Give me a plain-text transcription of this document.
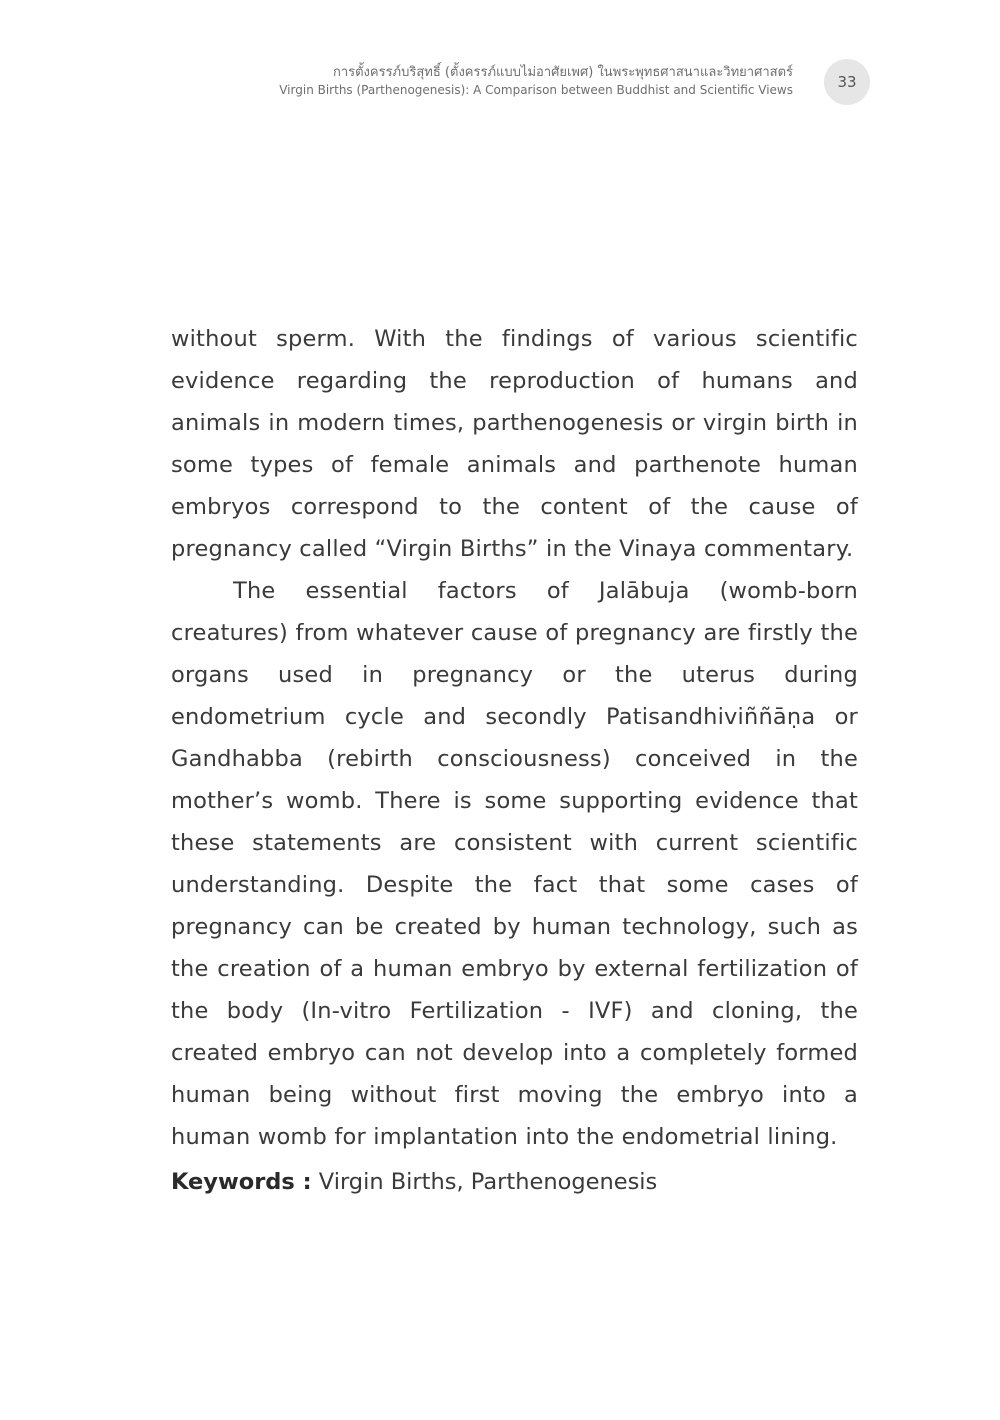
การตั้งครรภ์บริสุทธิ์ (ตั้งครรภ์แบบไม่อาศัยเพศ) ในพระพุทธศาสนาและวิทยาศาสตร์
Virgin Births (Parthenogenesis): A Comparison between Buddhist and Scientific Views	33

without sperm. With the findings of various scientific evidence regarding the reproduction of humans and animals in modern times, parthenogenesis or virgin birth in some types of female animals and parthenote human embryos correspond to the content of the cause of pregnancy called “Virgin Births” in the Vinaya commentary.

The essential factors of Jalābuja (womb-born creatures) from whatever cause of pregnancy are firstly the organs used in pregnancy or the uterus during endometrium cycle and secondly Patisandhiviññāṇa or Gandhabba (rebirth consciousness) conceived in the mother’s womb. There is some supporting evidence that these statements are consistent with current scientific understanding. Despite the fact that some cases of pregnancy can be created by human technology, such as the creation of a human embryo by external fertilization of the body (In-vitro Fertilization - IVF) and cloning, the created embryo can not develop into a completely formed human being without first moving the embryo into a human womb for implantation into the endometrial lining.

Keywords : Virgin Births, Parthenogenesis
